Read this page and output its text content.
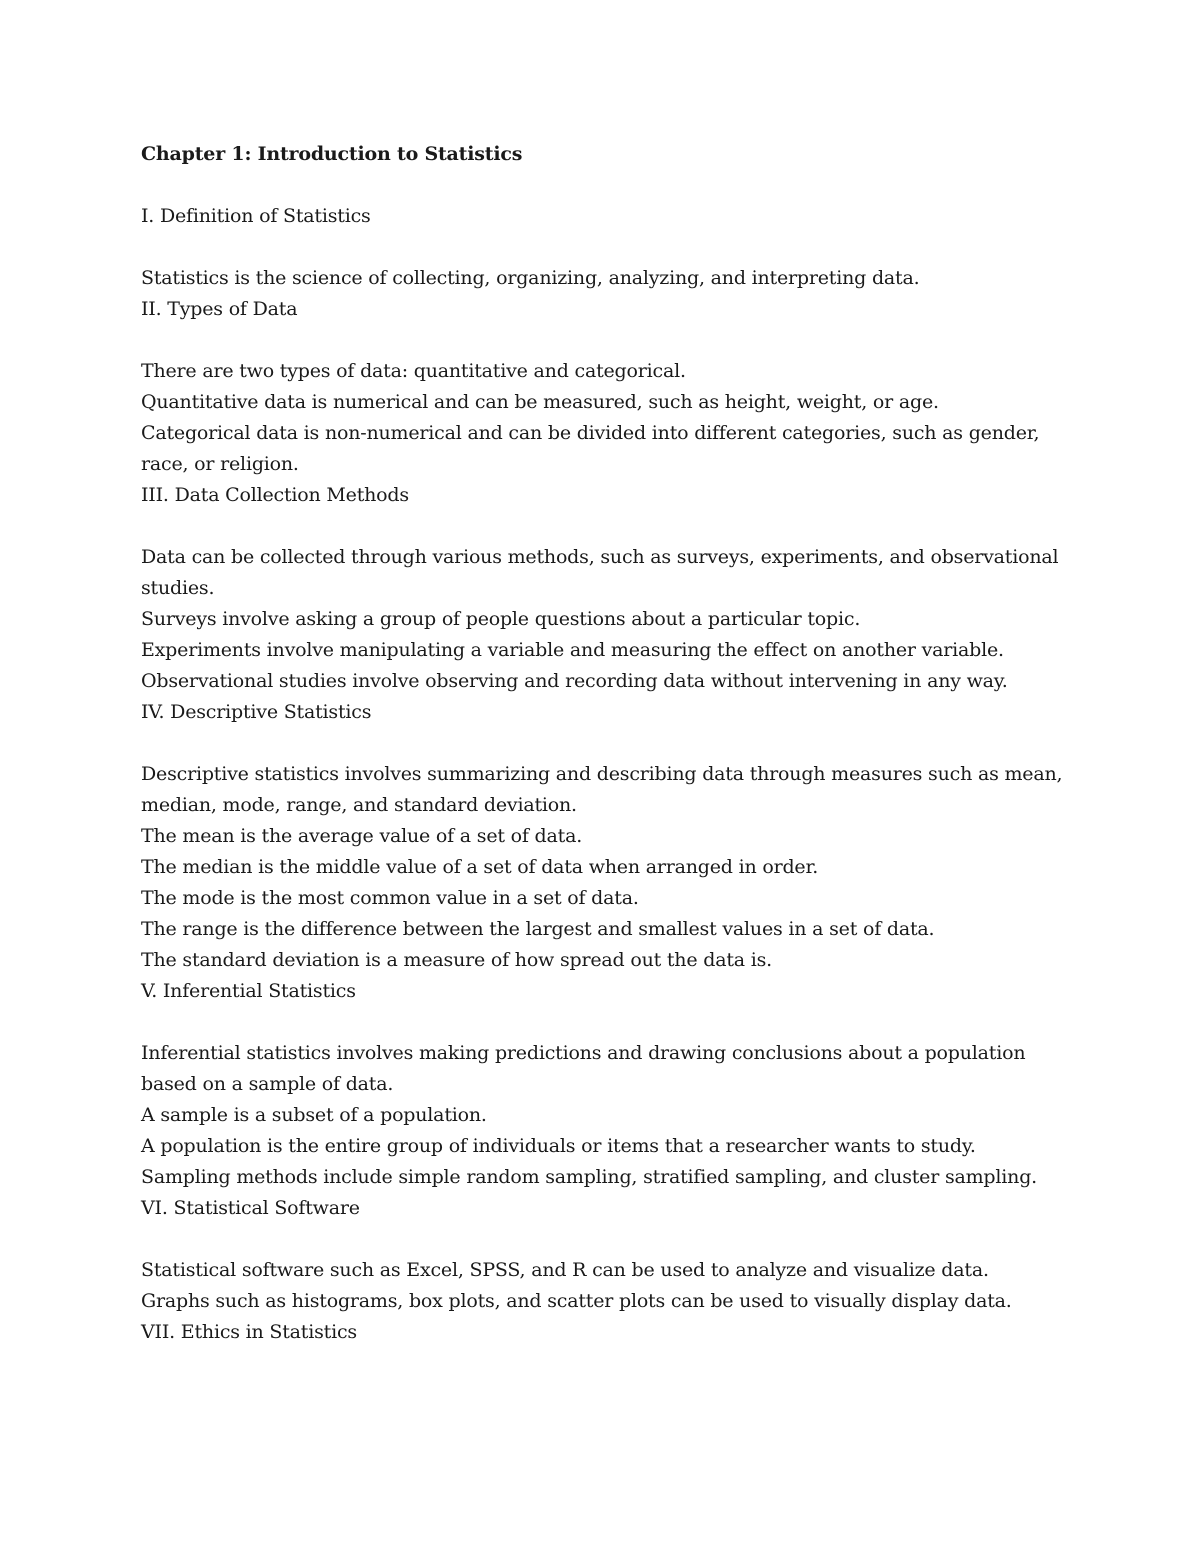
Chapter 1: Introduction to Statistics
I. Definition of Statistics
Statistics is the science of collecting, organizing, analyzing, and interpreting data.
II. Types of Data
There are two types of data: quantitative and categorical.
Quantitative data is numerical and can be measured, such as height, weight, or age.
Categorical data is non-numerical and can be divided into different categories, such as gender,
race, or religion.
III. Data Collection Methods
Data can be collected through various methods, such as surveys, experiments, and observational
studies.
Surveys involve asking a group of people questions about a particular topic.
Experiments involve manipulating a variable and measuring the effect on another variable.
Observational studies involve observing and recording data without intervening in any way.
IV. Descriptive Statistics
Descriptive statistics involves summarizing and describing data through measures such as mean,
median, mode, range, and standard deviation.
The mean is the average value of a set of data.
The median is the middle value of a set of data when arranged in order.
The mode is the most common value in a set of data.
The range is the difference between the largest and smallest values in a set of data.
The standard deviation is a measure of how spread out the data is.
V. Inferential Statistics
Inferential statistics involves making predictions and drawing conclusions about a population
based on a sample of data.
A sample is a subset of a population.
A population is the entire group of individuals or items that a researcher wants to study.
Sampling methods include simple random sampling, stratified sampling, and cluster sampling.
VI. Statistical Software
Statistical software such as Excel, SPSS, and R can be used to analyze and visualize data.
Graphs such as histograms, box plots, and scatter plots can be used to visually display data.
VII. Ethics in Statistics
